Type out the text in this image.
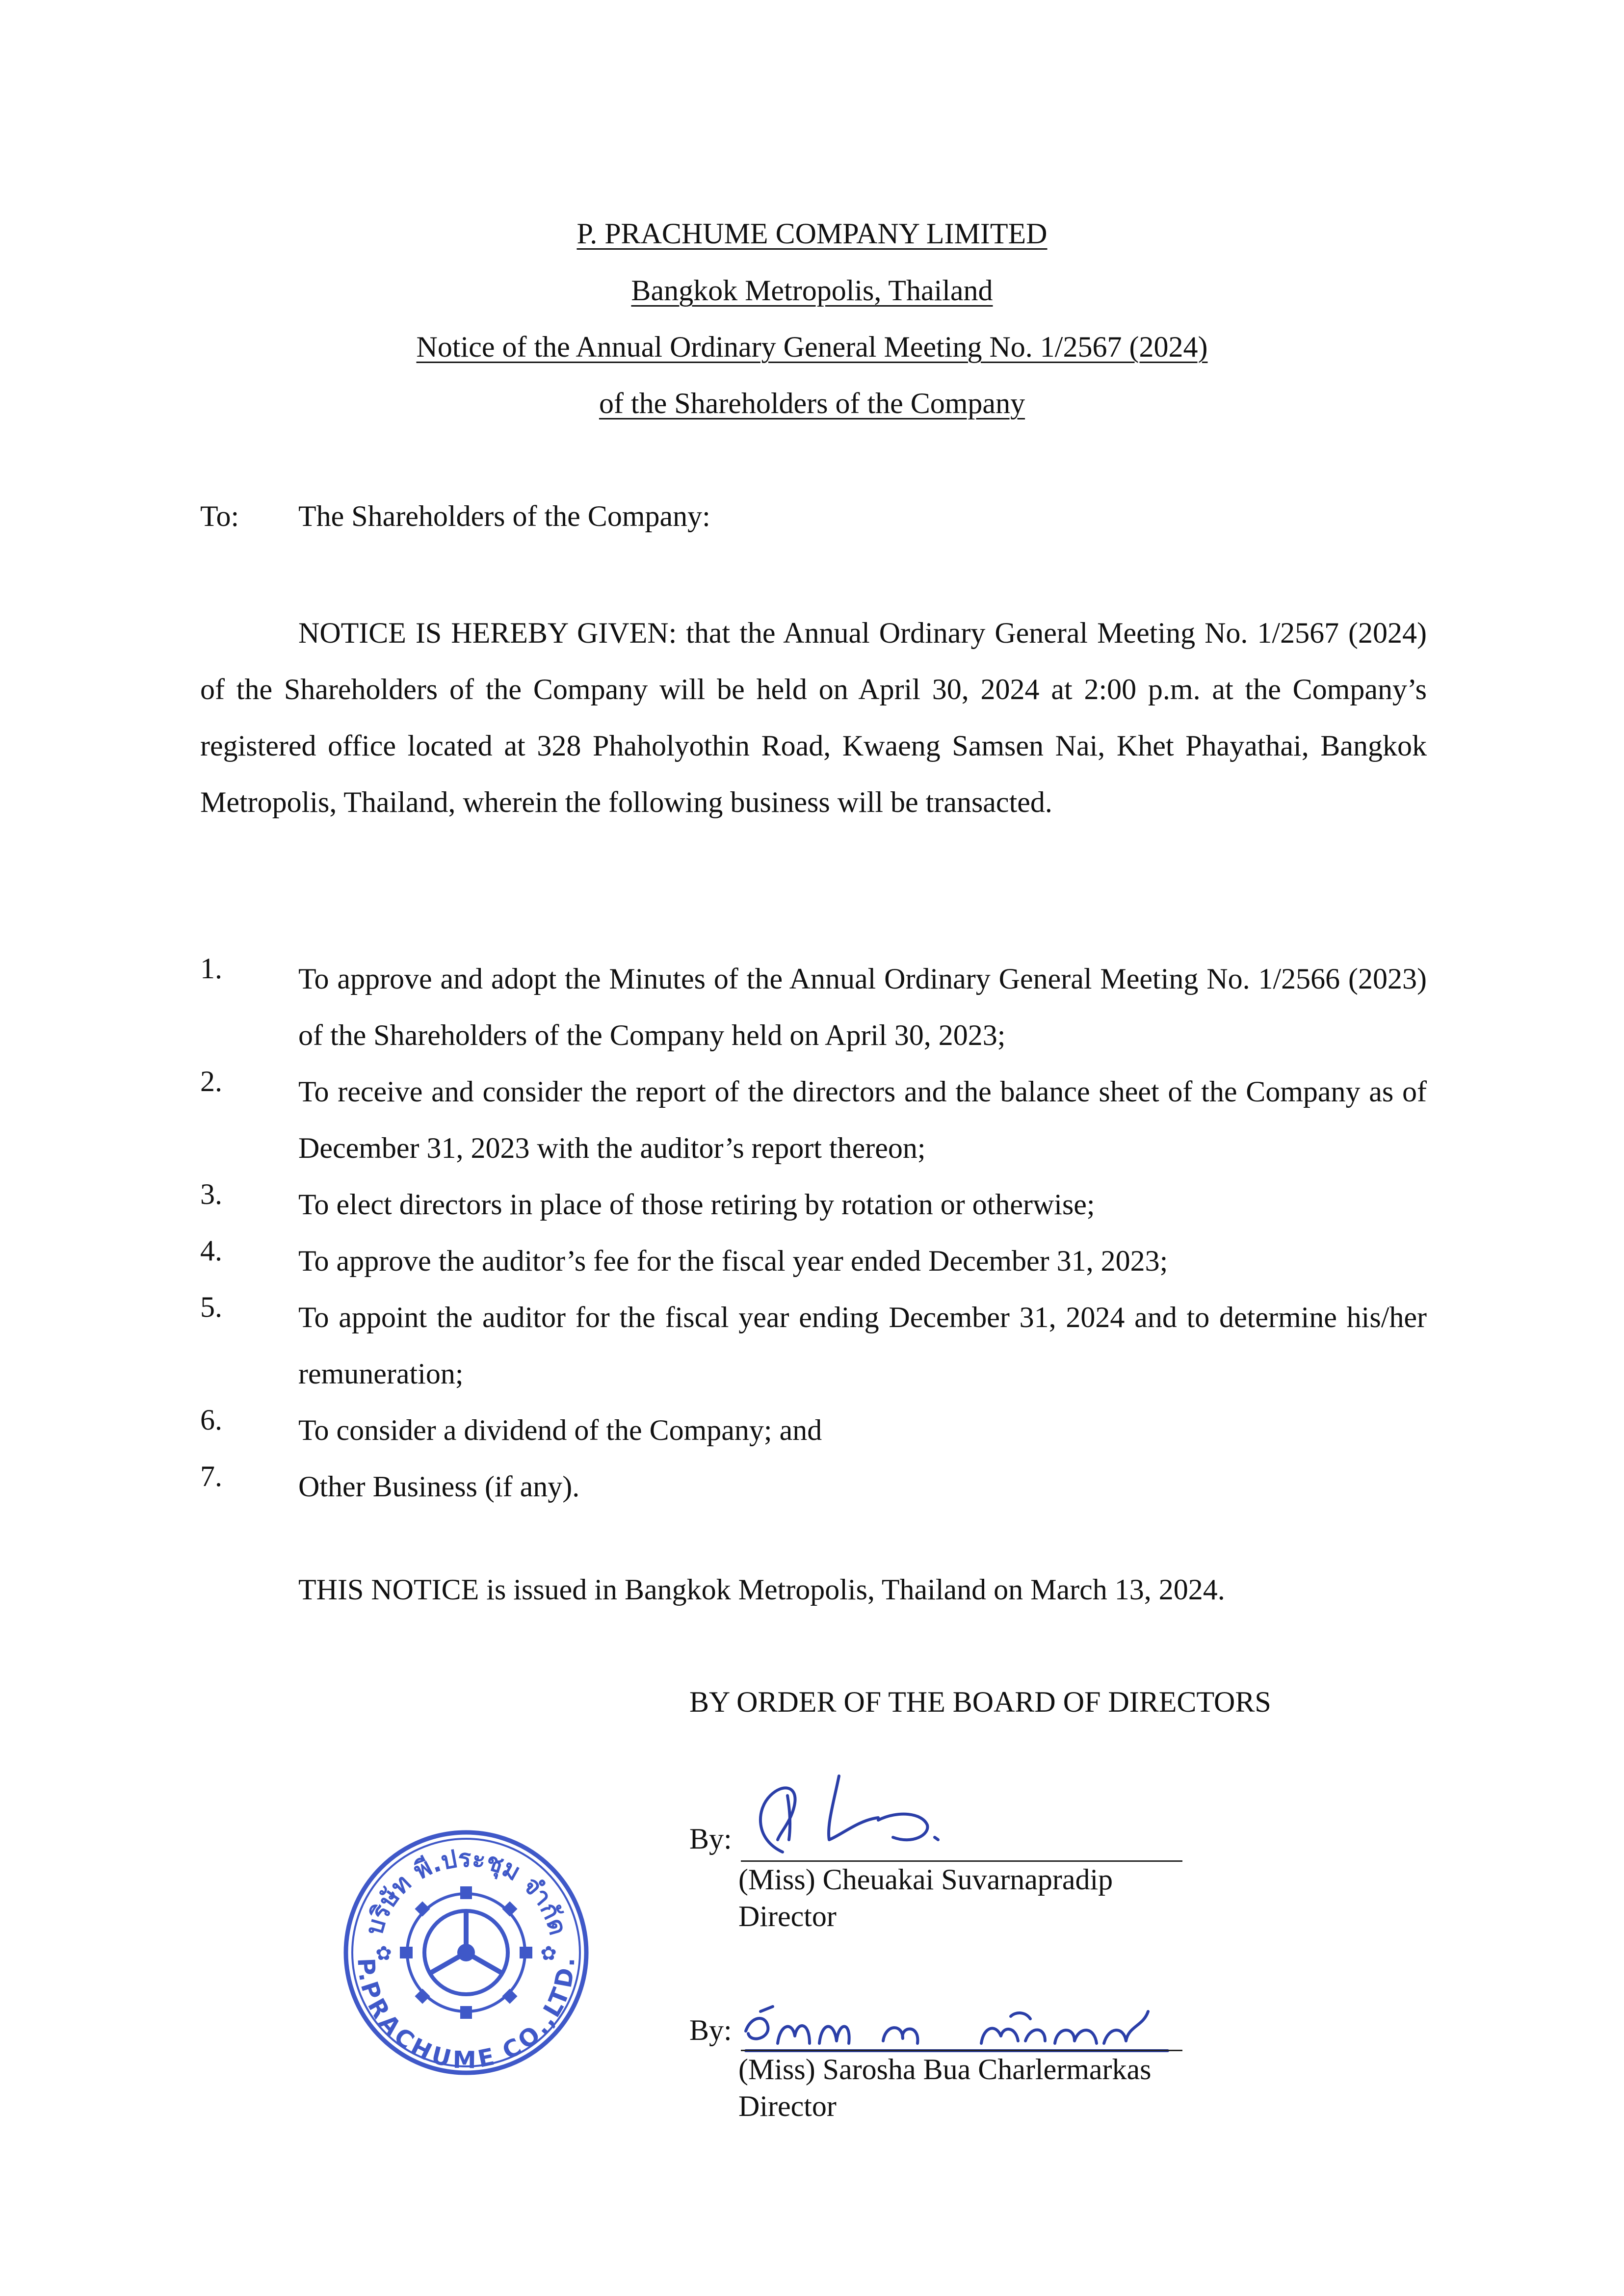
P. PRACHUME COMPANY LIMITED
Bangkok Metropolis, Thailand
Notice of the Annual Ordinary General Meeting No. 1/2567 (2024)
of the Shareholders of the Company
To: The Shareholders of the Company:
NOTICE IS HEREBY GIVEN: that the Annual Ordinary General Meeting No. 1/2567 (2024) of the Shareholders of the Company will be held on April 30, 2024 at 2:00 p.m. at the Company’s registered office located at 328 Phaholyothin Road, Kwaeng Samsen Nai, Khet Phayathai, Bangkok Metropolis, Thailand, wherein the following business will be transacted.
1.	To approve and adopt the Minutes of the Annual Ordinary General Meeting No. 1/2566 (2023) of the Shareholders of the Company held on April 30, 2023;
2.	To receive and consider the report of the directors and the balance sheet of the Company as of December 31, 2023 with the auditor’s report thereon;
3.	To elect directors in place of those retiring by rotation or otherwise;
4.	To approve the auditor’s fee for the fiscal year ended December 31, 2023;
5.	To appoint the auditor for the fiscal year ending December 31, 2024 and to determine his/her remuneration;
6.	To consider a dividend of the Company; and
7.	Other Business (if any).
THIS NOTICE is issued in Bangkok Metropolis, Thailand on March 13, 2024.
BY ORDER OF THE BOARD OF DIRECTORS
By:
(Miss) Cheuakai Suvarnapradip
Director
By:
(Miss) Sarosha Bua Charlermarkas
Director
บริษัท พี.ประชุม จำกัด
P.PRACHUME CO.,LTD.
✿	✿
